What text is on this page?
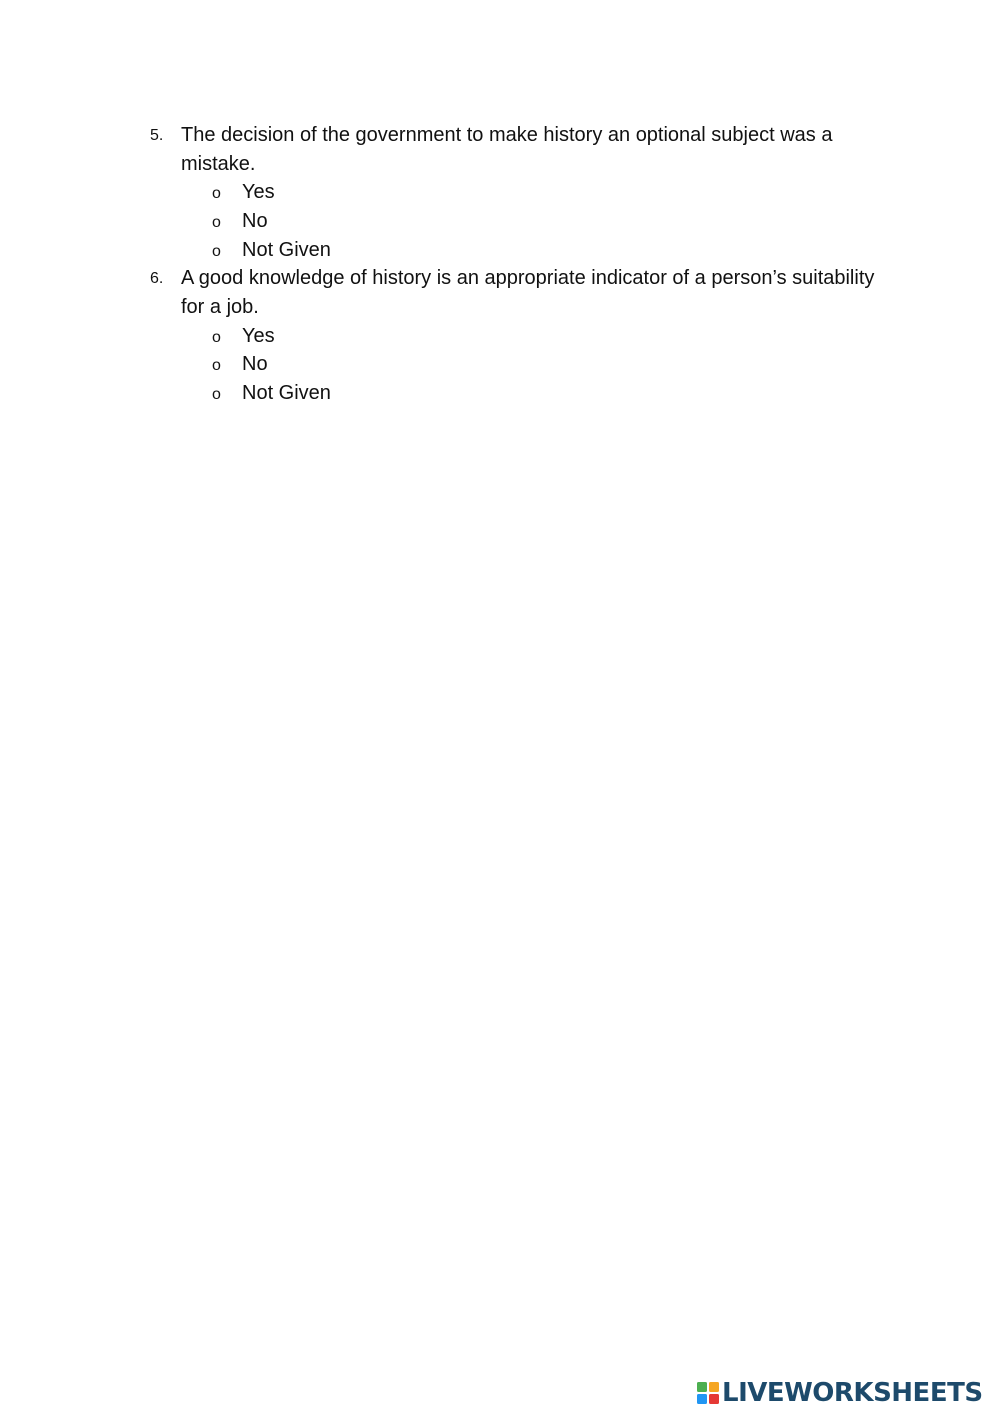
5. The decision of the government to make history an optional subject was a mistake.
o Yes
o No
o Not Given
6. A good knowledge of history is an appropriate indicator of a person’s suitability for a job.
o Yes
o No
o Not Given
LIVEWORKSHEETS
